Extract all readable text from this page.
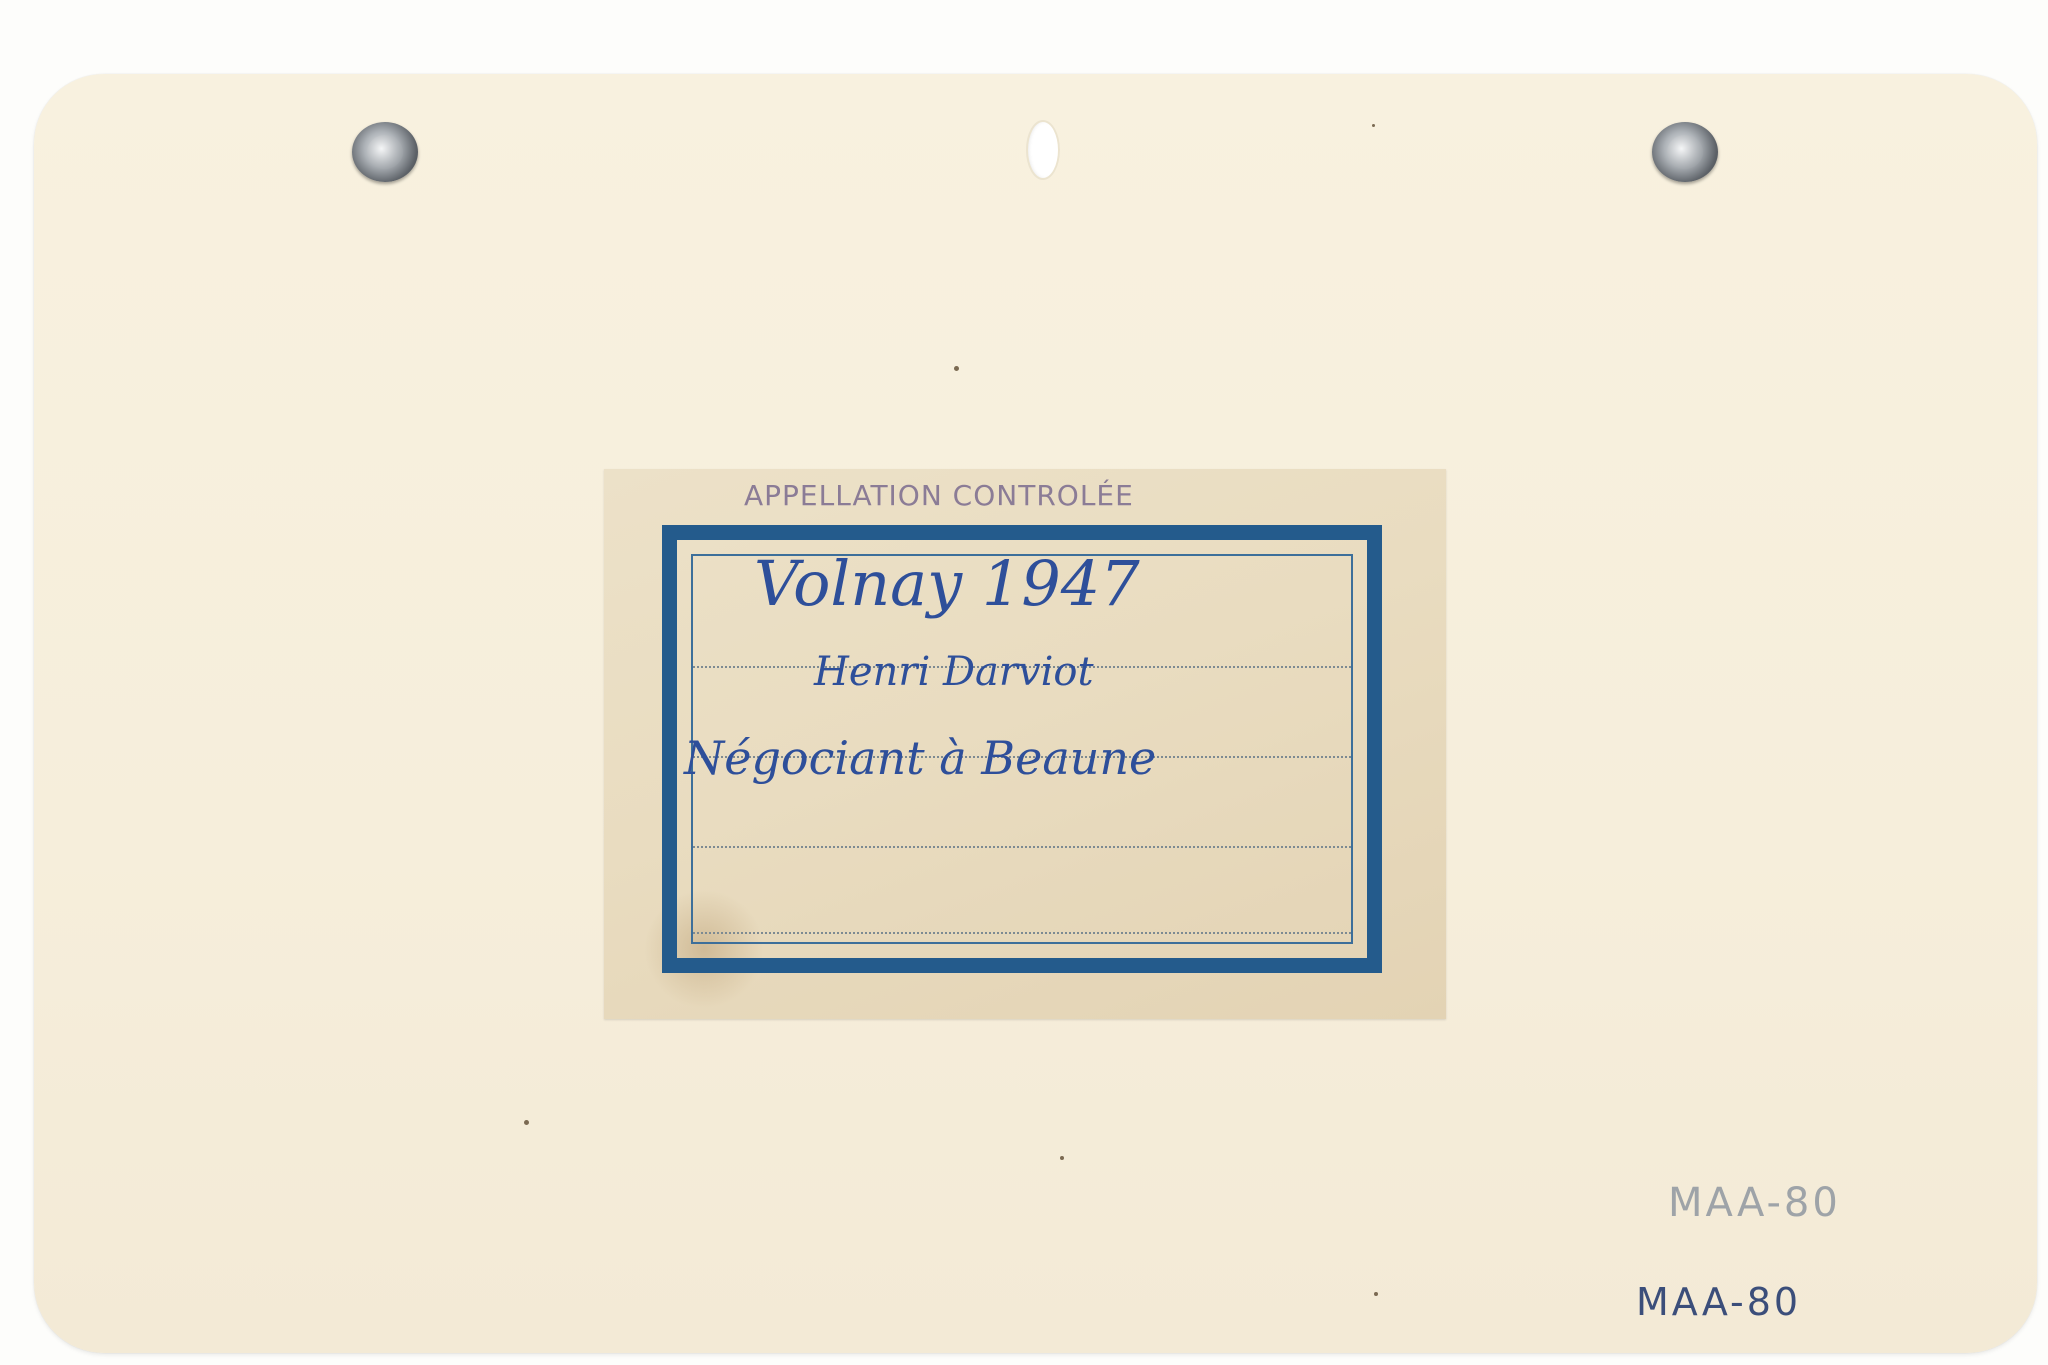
APPELLATION CONTROLÉE
Volnay 1947
Henri Darviot
Négociant à Beaune
MAA-80
MAA-80
